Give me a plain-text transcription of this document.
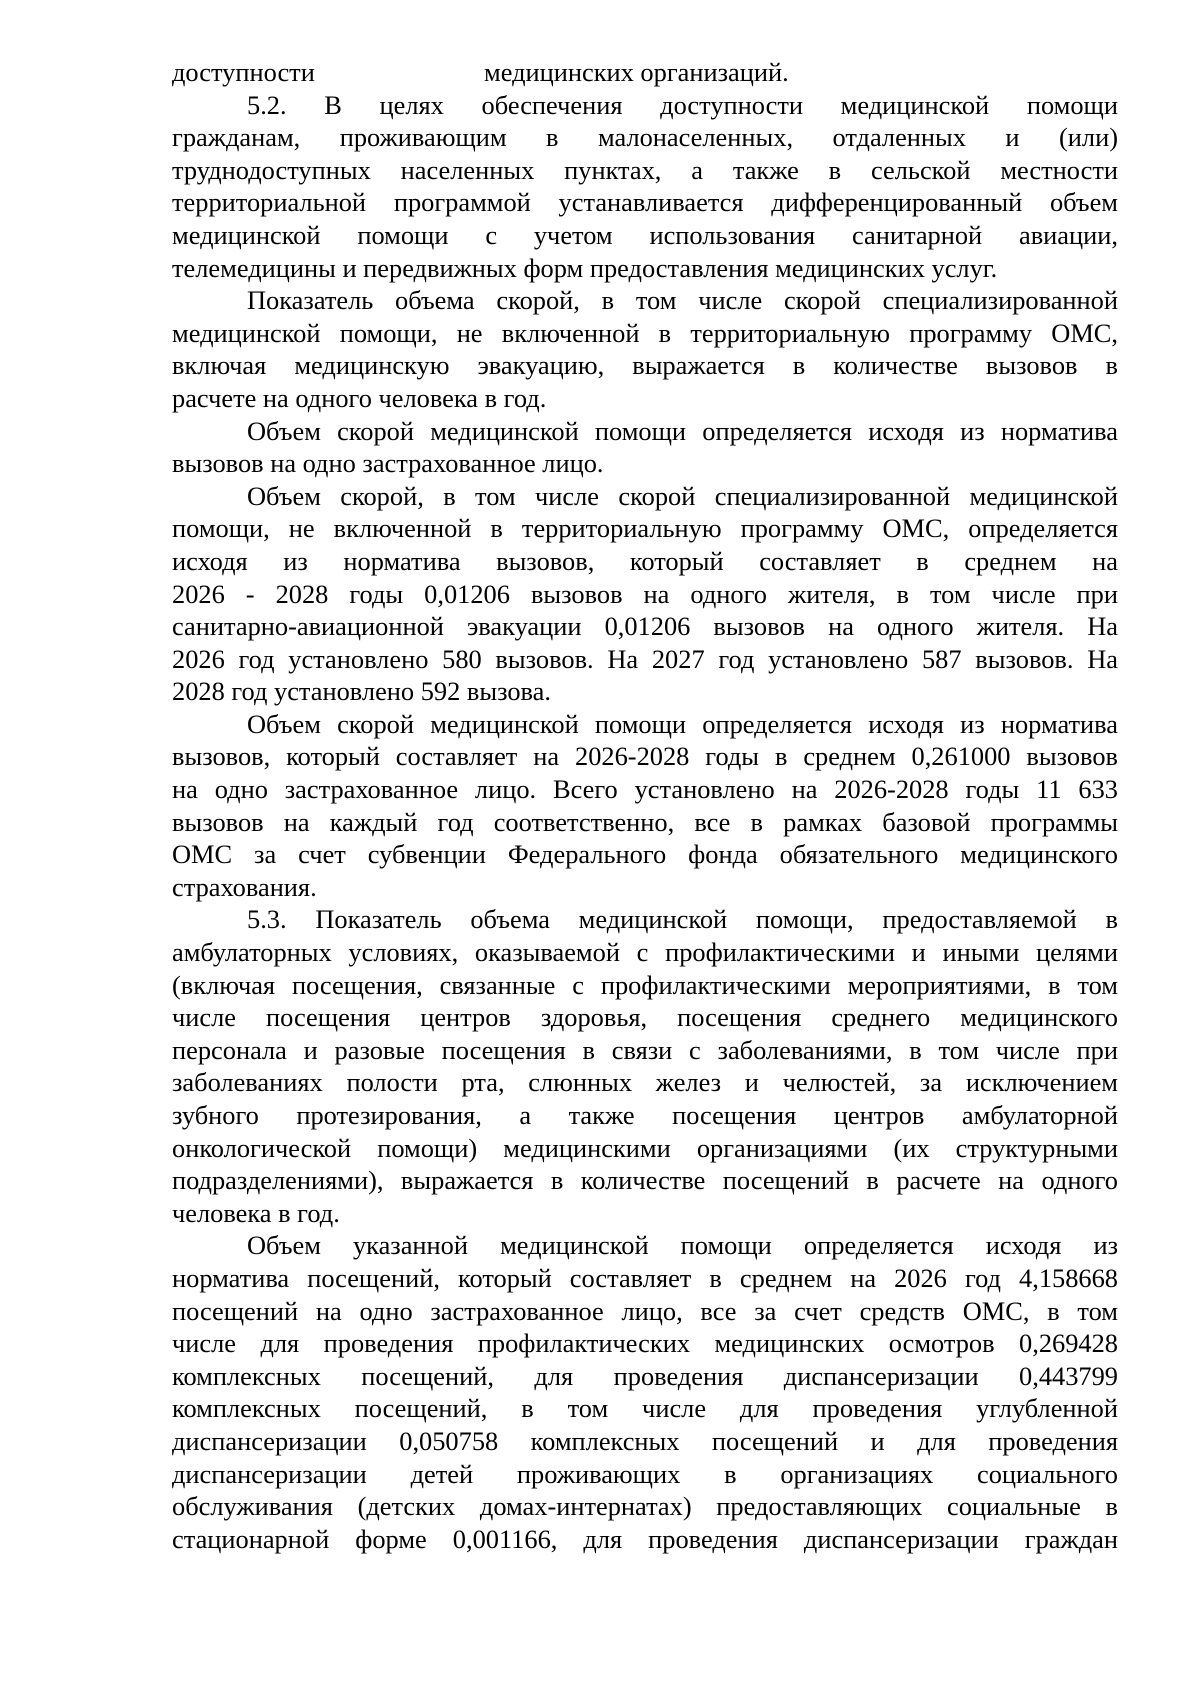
доступности	медицинских организаций.
5.2. В целях обеспечения доступности медицинской помощи
гражданам, проживающим в малонаселенных, отдаленных и (или)
труднодоступных населенных пунктах, а также в сельской местности
территориальной программой устанавливается дифференцированный объем
медицинской помощи с учетом использования санитарной авиации,
телемедицины и передвижных форм предоставления медицинских услуг.
Показатель объема скорой, в том числе скорой специализированной
медицинской помощи, не включенной в территориальную программу ОМС,
включая медицинскую эвакуацию, выражается в количестве вызовов в
расчете на одного человека в год.
Объем скорой медицинской помощи определяется исходя из норматива
вызовов на одно застрахованное лицо.
Объем скорой, в том числе скорой специализированной медицинской
помощи, не включенной в территориальную программу ОМС, определяется
исходя из норматива вызовов, который составляет в среднем на
2026 - 2028 годы 0,01206 вызовов на одного жителя, в том числе при
санитарно-авиационной эвакуации 0,01206 вызовов на одного жителя. На
2026 год установлено 580 вызовов. На 2027 год установлено 587 вызовов. На
2028 год установлено 592 вызова.
Объем скорой медицинской помощи определяется исходя из норматива
вызовов, который составляет на 2026-2028 годы в среднем 0,261000 вызовов
на одно застрахованное лицо. Всего установлено на 2026-2028 годы 11 633
вызовов на каждый год соответственно, все в рамках базовой программы
ОМС за счет субвенции Федерального фонда обязательного медицинского
страхования.
5.3. Показатель объема медицинской помощи, предоставляемой в
амбулаторных условиях, оказываемой с профилактическими и иными целями
(включая посещения, связанные с профилактическими мероприятиями, в том
числе посещения центров здоровья, посещения среднего медицинского
персонала и разовые посещения в связи с заболеваниями, в том числе при
заболеваниях полости рта, слюнных желез и челюстей, за исключением
зубного протезирования, а также посещения центров амбулаторной
онкологической помощи) медицинскими организациями (их структурными
подразделениями), выражается в количестве посещений в расчете на одного
человека в год.
Объем указанной медицинской помощи определяется исходя из
норматива посещений, который составляет в среднем на 2026 год 4,158668
посещений на одно застрахованное лицо, все за счет средств ОМС, в том
числе для проведения профилактических медицинских осмотров 0,269428
комплексных посещений, для проведения диспансеризации 0,443799
комплексных посещений, в том числе для проведения углубленной
диспансеризации 0,050758 комплексных посещений и для проведения
диспансеризации детей проживающих в организациях социального
обслуживания (детских домах-интернатах) предоставляющих социальные в
стационарной форме 0,001166, для проведения диспансеризации граждан
